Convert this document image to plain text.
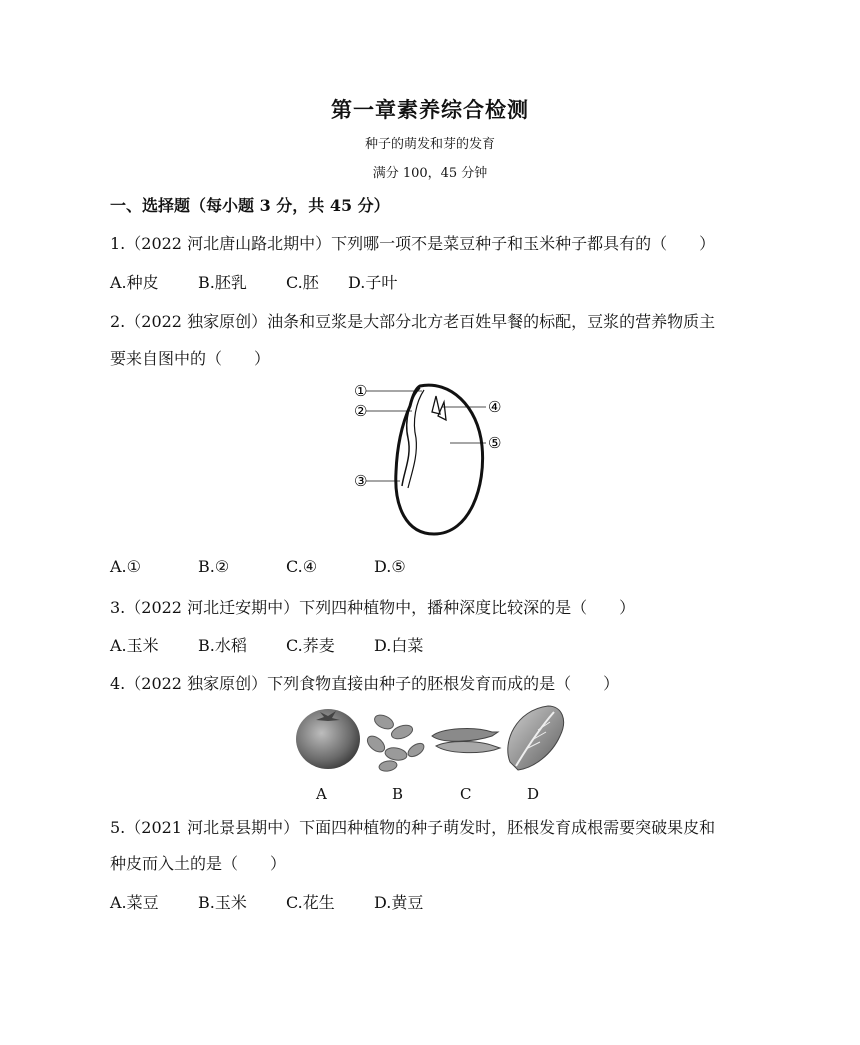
第一章素养综合检测
种子的萌发和芽的发育
满分 100，45 分钟
一、选择题（每小题 3 分，共 45 分）
1.（2022 河北唐山路北期中）下列哪一项不是菜豆种子和玉米种子都具有的（　　）
A.种皮 B.胚乳 C.胚 D.子叶
2.（2022 独家原创）油条和豆浆是大部分北方老百姓早餐的标配，豆浆的营养物质主
要来自图中的（　　）
①
②
③
④
⑤
A.①	B.②	C.④	D.⑤
3.（2022 河北迁安期中）下列四种植物中，播种深度比较深的是（　　）
A.玉米 B.水稻 C.荞麦 D.白菜
4.（2022 独家原创）下列食物直接由种子的胚根发育而成的是（　　）
A	B	C	D
5.（2021 河北景县期中）下面四种植物的种子萌发时，胚根发育成根需要突破果皮和
种皮而入土的是（　　）
A.菜豆 B.玉米 C.花生 D.黄豆
